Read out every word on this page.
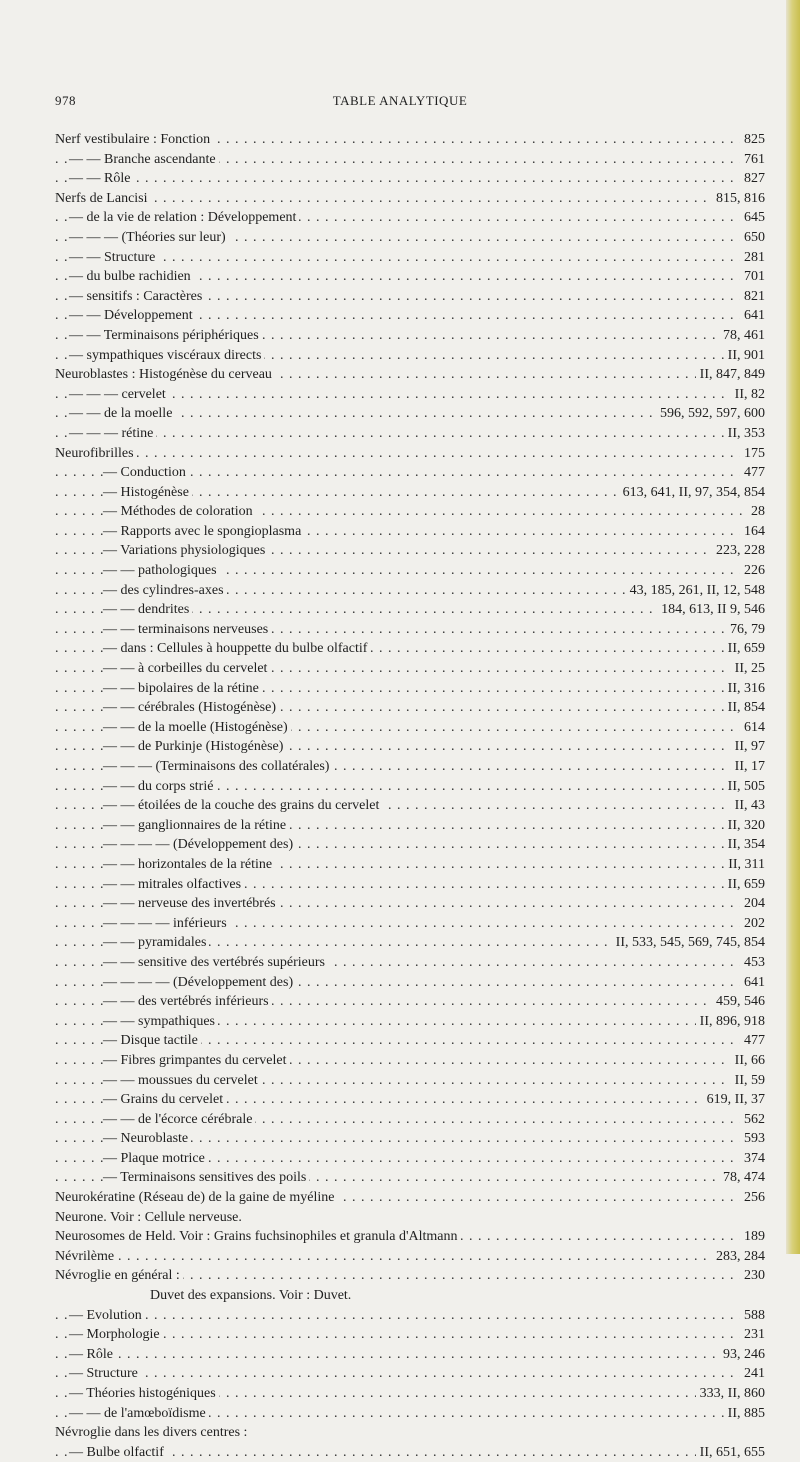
978	TABLE ANALYTIQUE
. . . Nerf vestibulaire : Fonction	825
. . . — — Branche ascendante	761
. . . — — Rôle	827
. . . Nerfs de Lancisi	815, 816
. . . — de la vie de relation : Développement	645
. . . — — — (Théories sur leur)	650
. . . — — Structure	281
. . . — du bulbe rachidien	701
. . . — sensitifs : Caractères	821
. . . — — Développement	641
. . . — — Terminaisons périphériques	78, 461
. . . — sympathiques viscéraux directs	II, 901
. . . Neuroblastes : Histogénèse du cerveau	II, 847, 849
. . . — — — cervelet	II, 82
. . . — — de la moelle	596, 592, 597, 600
. . . — — — rétine	II, 353
. . . Neurofibrilles	175
. . . — Conduction	477
. . . — Histogénèse	613, 641, II, 97, 354, 854
. . . — Méthodes de coloration	28
. . . — Rapports avec le spongioplasma	164
. . . — Variations physiologiques	223, 228
. . . — — pathologiques	226
. . . — des cylindres-axes	43, 185, 261, II, 12, 548
. . . — — dendrites	184, 613, II 9, 546
. . . — — terminaisons nerveuses	76, 79
. . . — dans : Cellules à houppette du bulbe olfactif	II, 659
. . . — — à corbeilles du cervelet	II, 25
. . . — — bipolaires de la rétine	II, 316
. . . — — cérébrales (Histogénèse)	II, 854
. . . — — de la moelle (Histogénèse)	614
. . . — — de Purkinje (Histogénèse)	II, 97
. . . — — — (Terminaisons des collatérales)	II, 17
. . . — — du corps strié	II, 505
. . . — — étoilées de la couche des grains du cervelet	II, 43
. . . — — ganglionnaires de la rétine	II, 320
. . . — — — — (Développement des)	II, 354
. . . — — horizontales de la rétine	II, 311
. . . — — mitrales olfactives	II, 659
. . . — — nerveuse des invertébrés	204
. . . — — — — inférieurs	202
. . . — — pyramidales	II, 533, 545, 569, 745, 854
. . . — — sensitive des vertébrés supérieurs	453
. . . — — — — (Développement des)	641
. . . — — des vertébrés inférieurs	459, 546
. . . — — sympathiques	II, 896, 918
. . . — Disque tactile	477
. . . — Fibres grimpantes du cervelet	II, 66
. . . — — moussues du cervelet	II, 59
. . . — Grains du cervelet	619, II, 37
. . . — — de l'écorce cérébrale	562
. . . — Neuroblaste	593
. . . — Plaque motrice	374
. . . — Terminaisons sensitives des poils	78, 474
. . . Neurokératine (Réseau de) de la gaine de myéline	256
Neurone. Voir : Cellule nerveuse.
. . . Neurosomes de Held. Voir : Grains fuchsinophiles et granula d'Altmann	189
. . . Névrilème	283, 284
. . . Névroglie en général :	230
Duvet des expansions. Voir : Duvet.
. . . — Evolution	588
. . . — Morphologie	231
. . . — Rôle	93, 246
. . . — Structure	241
. . . — Théories histogéniques	333, II, 860
. . . — — de l'amœboïdisme	II, 885
Névroglie dans les divers centres :
. . . — Bulbe olfactif	II, 651, 655
